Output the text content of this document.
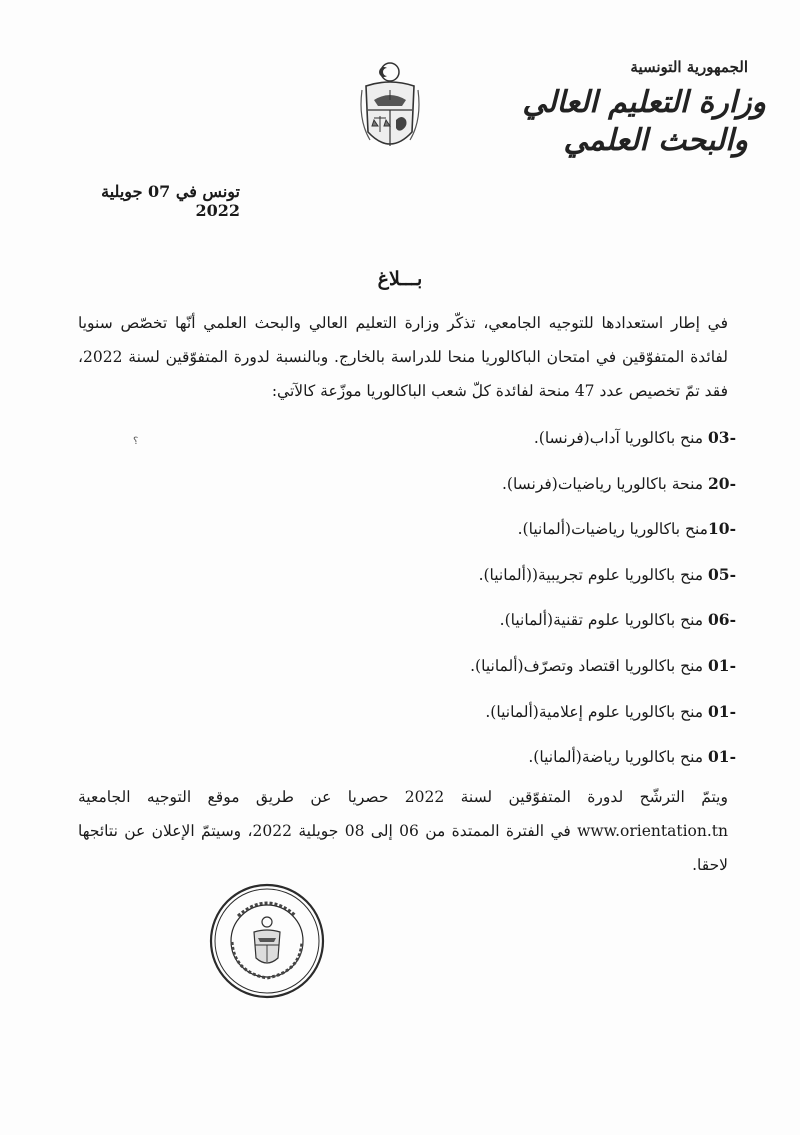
الجمهورية التونسية
وزارة التعليم العالي
والبحث العلمي
تونس في 07 جويلية 2022
بـــلاغ
في إطار استعدادها للتوجيه الجامعي، تذكّر وزارة التعليم العالي والبحث العلمي أنّها تخصّص سنويا لفائدة المتفوّقين في امتحان الباكالوريا منحا للدراسة بالخارج. وبالنسبة لدورة المتفوّقين لسنة 2022، فقد تمّ تخصيص عدد 47 منحة لفائدة كلّ شعب الباكالوريا موزّعة كالآتي:
؟	-03 منح باكالوريا آداب(فرنسا).
-20 منحة باكالوريا رياضيات(فرنسا).
-10منح باكالوريا رياضيات(ألمانيا).
-05 منح باكالوريا علوم تجريبية((ألمانيا).
-06 منح باكالوريا علوم تقنية(ألمانيا).
-01 منح باكالوريا اقتصاد وتصرّف(ألمانيا).
-01 منح باكالوريا علوم إعلامية(ألمانيا).
-01 منح باكالوريا رياضة(ألمانيا).
ويتمّ الترشّح لدورة المتفوّقين لسنة 2022 حصريا عن طريق موقع التوجيه الجامعية www.orientation.tn في الفترة الممتدة من 06 إلى 08 جويلية 2022، وسيتمّ الإعلان عن نتائجها لاحقا.
